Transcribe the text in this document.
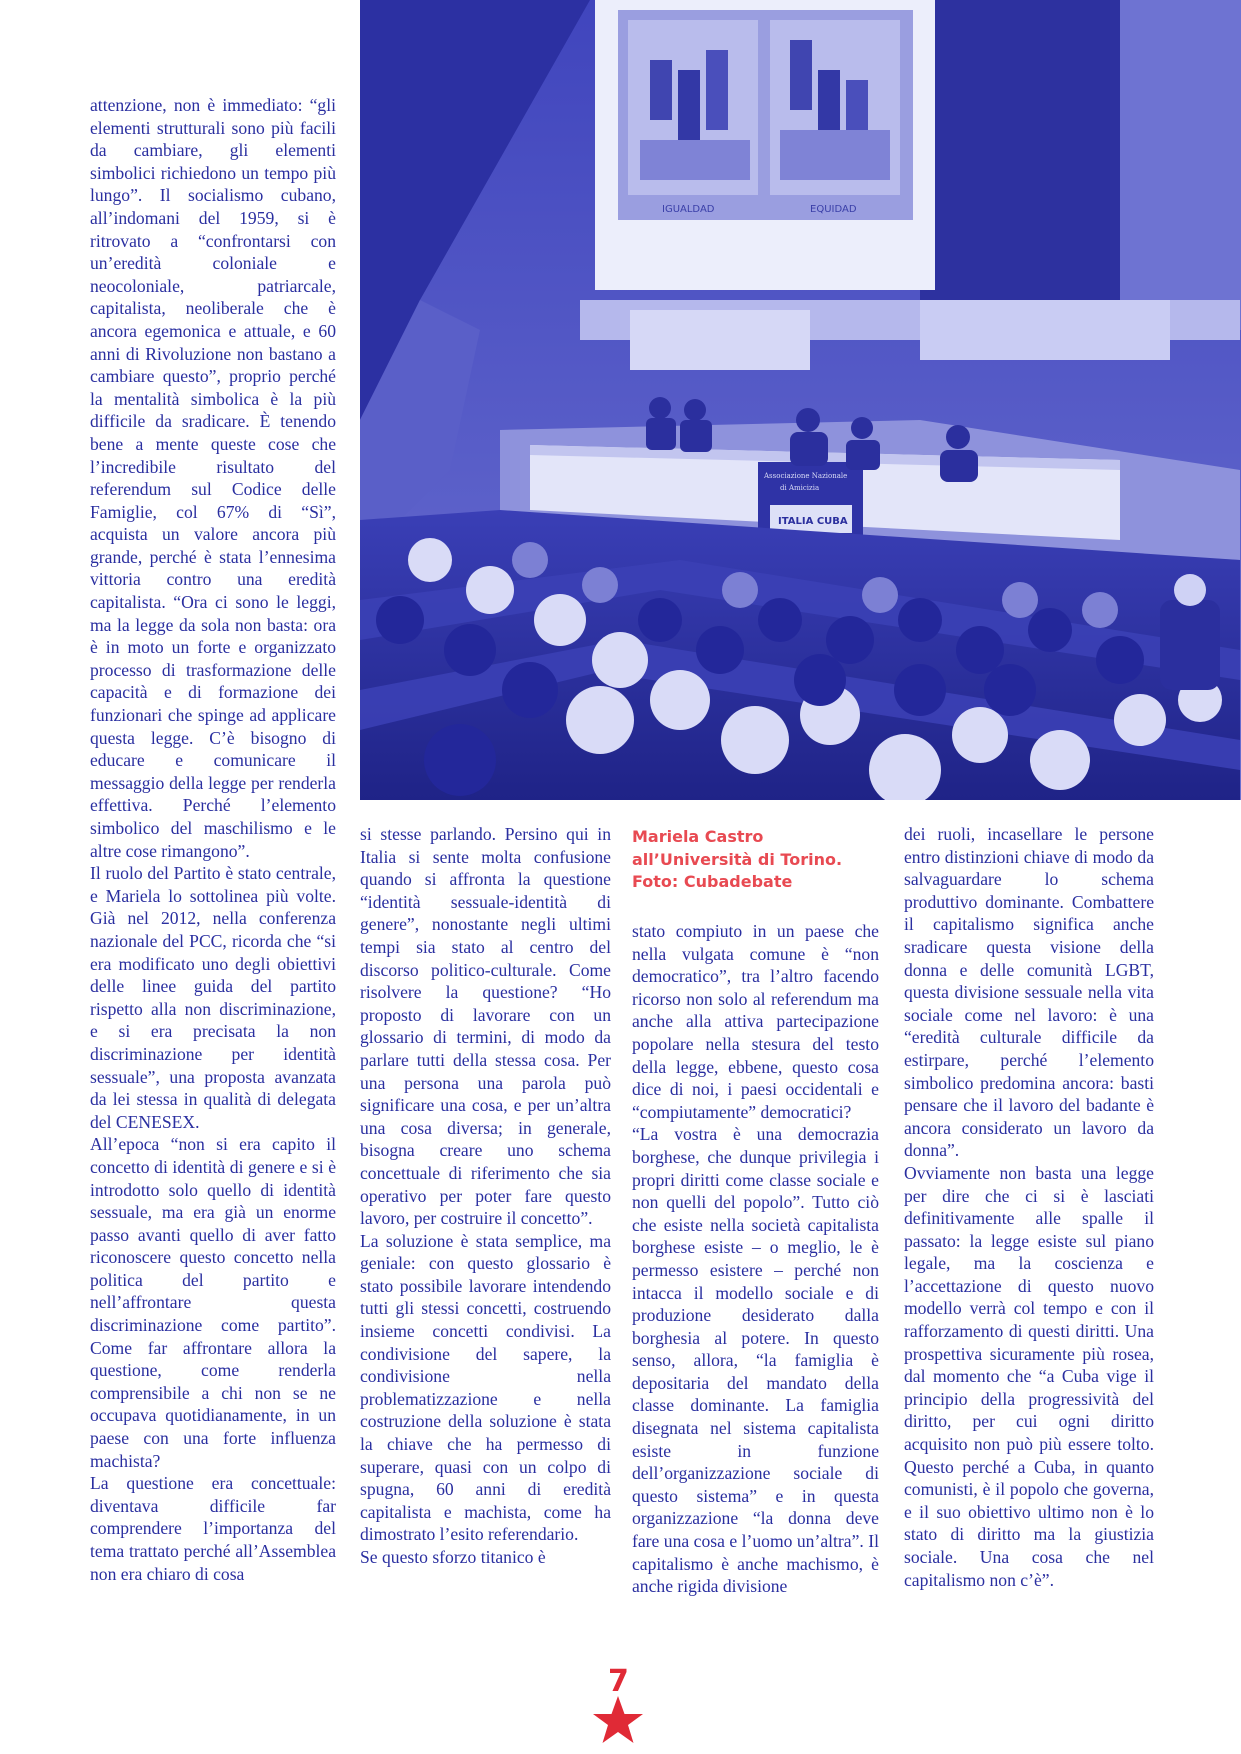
IGUALDAD	EQUIDAD
Associazione Nazionale
di Amicizia
ITALIA CUBA

attenzione, non è immediato: “gli elementi strutturali sono più facili da cambiare, gli elementi simbolici richiedono un tempo più lungo”. Il socialismo cubano, all’indomani del 1959, si è ritrovato a “confrontarsi con un’eredità coloniale e neocoloniale, patriarcale, capitalista, neoliberale che è ancora egemonica e attuale, e 60 anni di Rivoluzione non bastano a cambiare questo”, proprio perché la mentalità simbolica è la più difficile da sradicare. È tenendo bene a mente queste cose che l’incredibile risultato del referendum sul Codice delle Famiglie, col 67% di “Sì”, acquista un valore ancora più grande, perché è stata l’ennesima vittoria contro una eredità capitalista. “Ora ci sono le leggi, ma la legge da sola non basta: ora è in moto un forte e organizzato processo di trasformazione delle capacità e di formazione dei funzionari che spinge ad applicare questa legge. C’è bisogno di educare e comunicare il messaggio della legge per renderla effettiva. Perché l’elemento simbolico del maschilismo e le altre cose rimangono”.

Il ruolo del Partito è stato centrale, e Mariela lo sottolinea più volte. Già nel 2012, nella conferenza nazionale del PCC, ricorda che “si era modificato uno degli obiettivi delle linee guida del partito rispetto alla non discriminazione, e si era precisata la non discriminazione per identità sessuale”, una proposta avanzata da lei stessa in qualità di delegata del CENESEX.

All’epoca “non si era capito il concetto di identità di genere e si è introdotto solo quello di identità sessuale, ma era già un enorme passo avanti quello di aver fatto riconoscere questo concetto nella politica del partito e nell’affrontare questa discriminazione come partito”. Come far affrontare allora la questione, come renderla comprensibile a chi non se ne occupava quotidianamente, in un paese con una forte influenza machista?

La questione era concettuale: diventava difficile far comprendere l’importanza del tema trattato perché all’Assemblea non era chiaro di cosa

si stesse parlando. Persino qui in Italia si sente molta confusione quando si affronta la questione “identità sessuale-identità di genere”, nonostante negli ultimi tempi sia stato al centro del discorso politico-culturale. Come risolvere la questione? “Ho proposto di lavorare con un glossario di termini, di modo da parlare tutti della stessa cosa. Per una persona una parola può significare una cosa, e per un’altra una cosa diversa; in generale, bisogna creare uno schema concettuale di riferimento che sia operativo per poter fare questo lavoro, per costruire il concetto”.

La soluzione è stata semplice, ma geniale: con questo glossario è stato possibile lavorare intendendo tutti gli stessi concetti, costruendo insieme concetti condivisi. La condivisione del sapere, la condivisione nella problematizzazione e nella costruzione della soluzione è stata la chiave che ha permesso di superare, quasi con un colpo di spugna, 60 anni di eredità capitalista e machista, come ha dimostrato l’esito referendario.

Se questo sforzo titanico è

Mariela Castro
all’Università di Torino.
Foto: Cubadebate

stato compiuto in un paese che nella vulgata comune è “non democratico”, tra l’altro facendo ricorso non solo al referendum ma anche alla attiva partecipazione popolare nella stesura del testo della legge, ebbene, questo cosa dice di noi, i paesi occidentali e “compiutamente” democratici?

“La vostra è una democrazia borghese, che dunque privilegia i propri diritti come classe sociale e non quelli del popolo”. Tutto ciò che esiste nella società capitalista borghese esiste – o meglio, le è permesso esistere – perché non intacca il modello sociale e di produzione desiderato dalla borghesia al potere. In questo senso, allora, “la famiglia è depositaria del mandato della classe dominante. La famiglia disegnata nel sistema capitalista esiste in funzione dell’organizzazione sociale di questo sistema” e in questa organizzazione “la donna deve fare una cosa e l’uomo un’altra”. Il capitalismo è anche machismo, è anche rigida divisione

dei ruoli, incasellare le persone entro distinzioni chiave di modo da salvaguardare lo schema produttivo dominante. Combattere il capitalismo significa anche sradicare questa visione della donna e delle comunità LGBT, questa divisione sessuale nella vita sociale come nel lavoro: è una “eredità culturale difficile da estirpare, perché l’elemento simbolico predomina ancora: basti pensare che il lavoro del badante è ancora considerato un lavoro da donna”.

Ovviamente non basta una legge per dire che ci si è lasciati definitivamente alle spalle il passato: la legge esiste sul piano legale, ma la coscienza e l’accettazione di questo nuovo modello verrà col tempo e con il rafforzamento di questi diritti. Una prospettiva sicuramente più rosea, dal momento che “a Cuba vige il principio della progressività del diritto, per cui ogni diritto acquisito non può più essere tolto. Questo perché a Cuba, in quanto comunisti, è il popolo che governa, e il suo obiettivo ultimo non è lo stato di diritto ma la giustizia sociale. Una cosa che nel capitalismo non c’è”.

7
